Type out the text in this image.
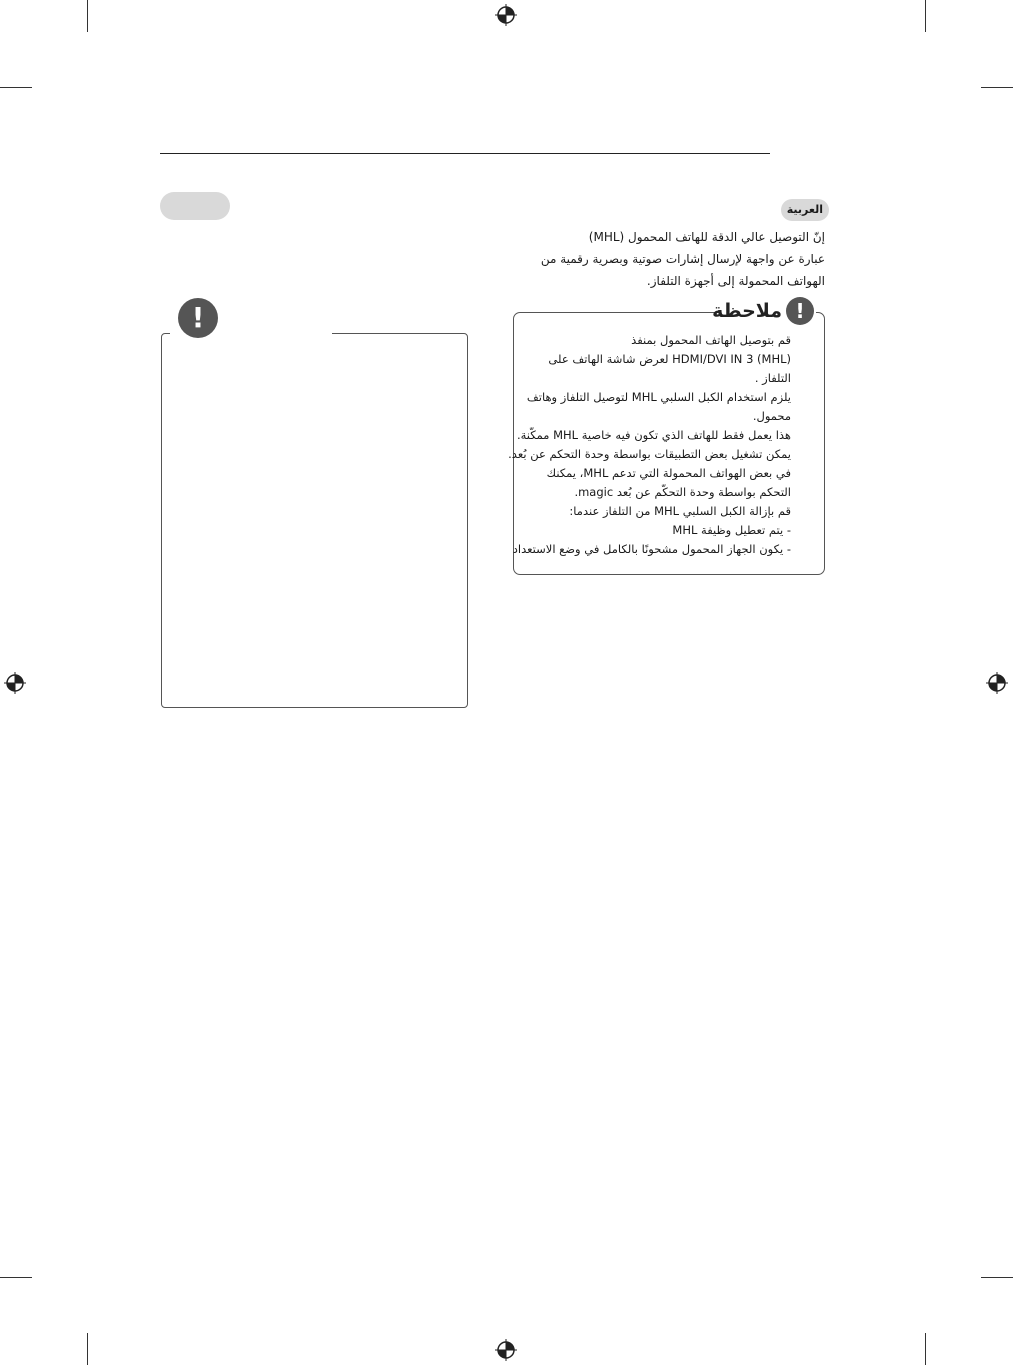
العربية
إنّ التوصيل عالي الدقة للهاتف المحمول (MHL)
عبارة عن واجهة لإرسال إشارات صوتية وبصرية رقمية من
الهواتف المحمولة إلى أجهزة التلفاز.
!	!
ملاحظة
قم بتوصيل الهاتف المحمول بمنفذ
HDMI/DVI IN 3 (MHL) لعرض شاشة الهاتف على
التلفاز .
يلزم استخدام الكبل السلبي MHL لتوصيل التلفاز وهاتف
محمول.
هذا يعمل فقط للهاتف الذي تكون فيه خاصية MHL ممكّنة.
يمكن تشغيل بعض التطبيقات بواسطة وحدة التحكم عن بُعد.
في بعض الهواتف المحمولة التي تدعم MHL، يمكنك
التحكم بواسطة وحدة التحكّم عن بُعد magic.
قم بإزالة الكبل السلبي MHL من التلفاز عندما:
- يتم تعطيل وظيفة MHL
- يكون الجهاز المحمول مشحونًا بالكامل في وضع الاستعداد
